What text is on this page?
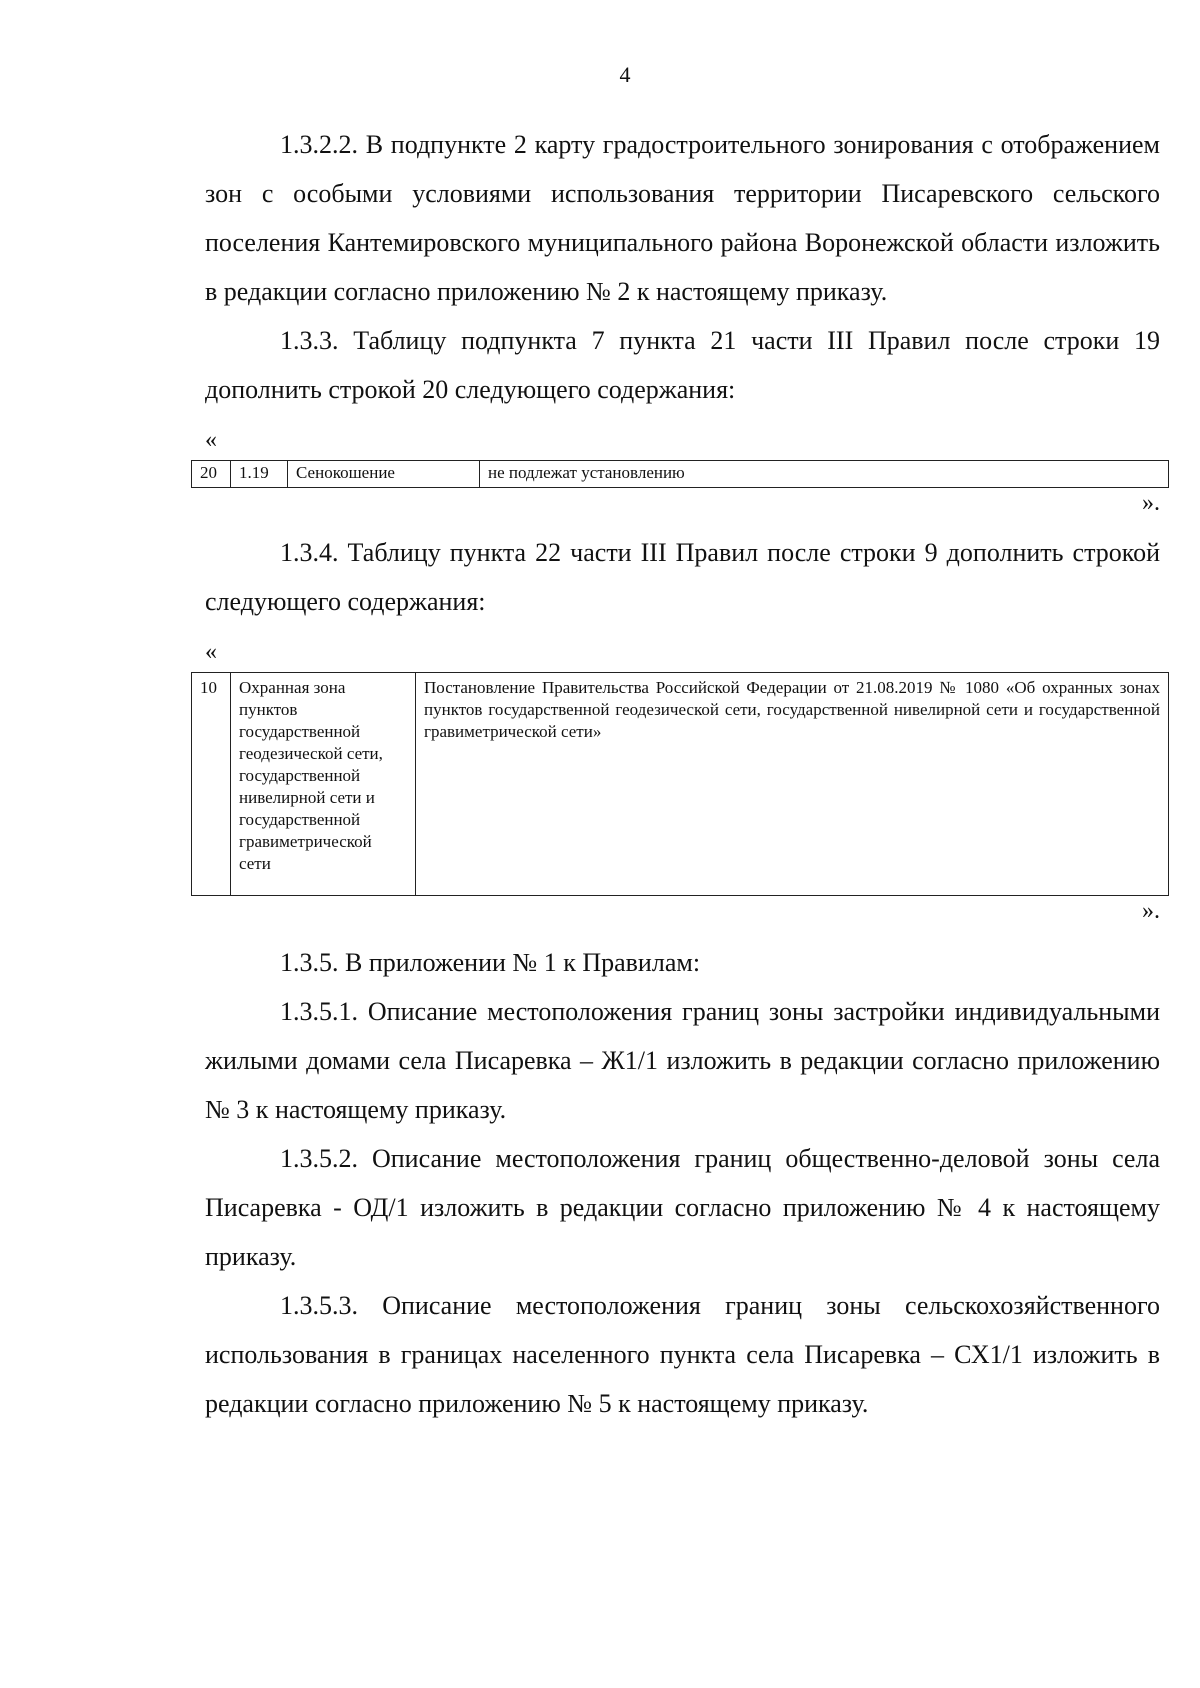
4

1.3.2.2. В подпункте 2 карту градостроительного зонирования с отображением зон с особыми условиями использования территории Писаревского сельского поселения Кантемировского муниципального района Воронежской области изложить в редакции согласно приложению № 2 к настоящему приказу.

1.3.3. Таблицу подпункта 7 пункта 21 части III Правил после строки 19 дополнить строкой 20 следующего содержания:

«
20	1.19	Сенокошение	не подлежат установлению
».

1.3.4. Таблицу пункта 22 части III Правил после строки 9 дополнить строкой следующего содержания:

«
10	Охранная зона пунктов государственной геодезической сети, государственной нивелирной сети и государственной гравиметрической сети	Постановление Правительства Российской Федерации от 21.08.2019 № 1080 «Об охранных зонах пунктов государственной геодезической сети, государственной нивелирной сети и государственной гравиметрической сети»
».

1.3.5. В приложении № 1 к Правилам:

1.3.5.1. Описание местоположения границ зоны застройки индивидуальными жилыми домами села Писаревка – Ж1/1 изложить в редакции согласно приложению № 3 к настоящему приказу.

1.3.5.2. Описание местоположения границ общественно-деловой зоны села Писаревка - ОД/1 изложить в редакции согласно приложению № 4 к настоящему приказу.

1.3.5.3. Описание местоположения границ зоны сельскохозяйственного использования в границах населенного пункта села Писаревка – СХ1/1 изложить в редакции согласно приложению № 5 к настоящему приказу.
